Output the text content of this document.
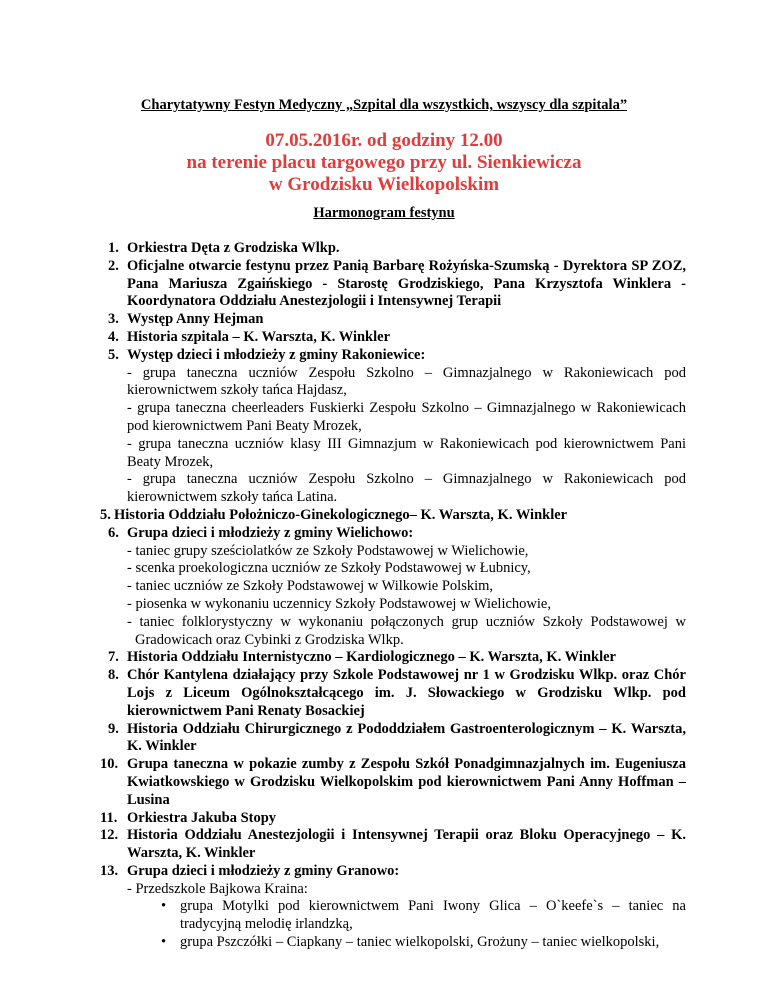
Charytatywny Festyn Medyczny „Szpital dla wszystkich, wszyscy dla szpitala”
07.05.2016r. od godziny 12.00
na terenie placu targowego przy ul. Sienkiewicza
w Grodzisku Wielkopolskim
Harmonogram festynu
1. Orkiestra Dęta z Grodziska Wlkp.
2. Oficjalne otwarcie festynu przez Panią Barbarę Rożyńska-Szumską - Dyrektora SP ZOZ, Pana Mariusza Zgaińskiego - Starostę Grodziskiego, Pana Krzysztofa Winklera - Koordynatora Oddziału Anestezjologii i Intensywnej Terapii
3. Występ Anny Hejman
4. Historia szpitala – K. Warszta, K. Winkler
5. Występ dzieci i młodzieży z gminy Rakoniewice:
- grupa taneczna uczniów Zespołu Szkolno – Gimnazjalnego w Rakoniewicach pod kierownictwem szkoły tańca Hajdasz,
- grupa taneczna cheerleaders Fuskierki Zespołu Szkolno – Gimnazjalnego w Rakoniewicach pod kierownictwem Pani Beaty Mrozek,
- grupa taneczna uczniów klasy III Gimnazjum w Rakoniewicach pod kierownictwem Pani Beaty Mrozek,
- grupa taneczna uczniów Zespołu Szkolno – Gimnazjalnego w Rakoniewicach pod kierownictwem szkoły tańca Latina.
5. Historia Oddziału Położniczo-Ginekologicznego– K. Warszta, K. Winkler
6. Grupa dzieci i młodzieży z gminy Wielichowo:
- taniec grupy sześciolatków ze Szkoły Podstawowej w Wielichowie,
- scenka proekologiczna uczniów ze Szkoły Podstawowej w Łubnicy,
- taniec uczniów ze Szkoły Podstawowej w Wilkowie Polskim,
- piosenka w wykonaniu uczennicy Szkoły Podstawowej w Wielichowie,
- taniec folklorystyczny w wykonaniu połączonych grup uczniów Szkoły Podstawowej w Gradowicach oraz Cybinki z Grodziska Wlkp.
7. Historia Oddziału Internistyczno – Kardiologicznego – K. Warszta, K. Winkler
8. Chór Kantylena działający przy Szkole Podstawowej nr 1 w Grodzisku Wlkp. oraz Chór Lojs z Liceum Ogólnokształcącego im. J. Słowackiego w Grodzisku Wlkp. pod kierownictwem Pani Renaty Bosackiej
9. Historia Oddziału Chirurgicznego z Pododdziałem Gastroenterologicznym – K. Warszta, K. Winkler
10. Grupa taneczna w pokazie zumby z Zespołu Szkół Ponadgimnazjalnych im. Eugeniusza Kwiatkowskiego w Grodzisku Wielkopolskim pod kierownictwem Pani Anny Hoffman – Lusina
11. Orkiestra Jakuba Stopy
12. Historia Oddziału Anestezjologii i Intensywnej Terapii oraz Bloku Operacyjnego – K. Warszta, K. Winkler
13. Grupa dzieci i młodzieży z gminy Granowo:
- Przedszkole Bajkowa Kraina:
• grupa Motylki pod kierownictwem Pani Iwony Glica – O`keefe`s – taniec na tradycyjną melodię irlandzką,
• grupa Pszczółki – Ciapkany – taniec wielkopolski, Grożuny – taniec wielkopolski,
